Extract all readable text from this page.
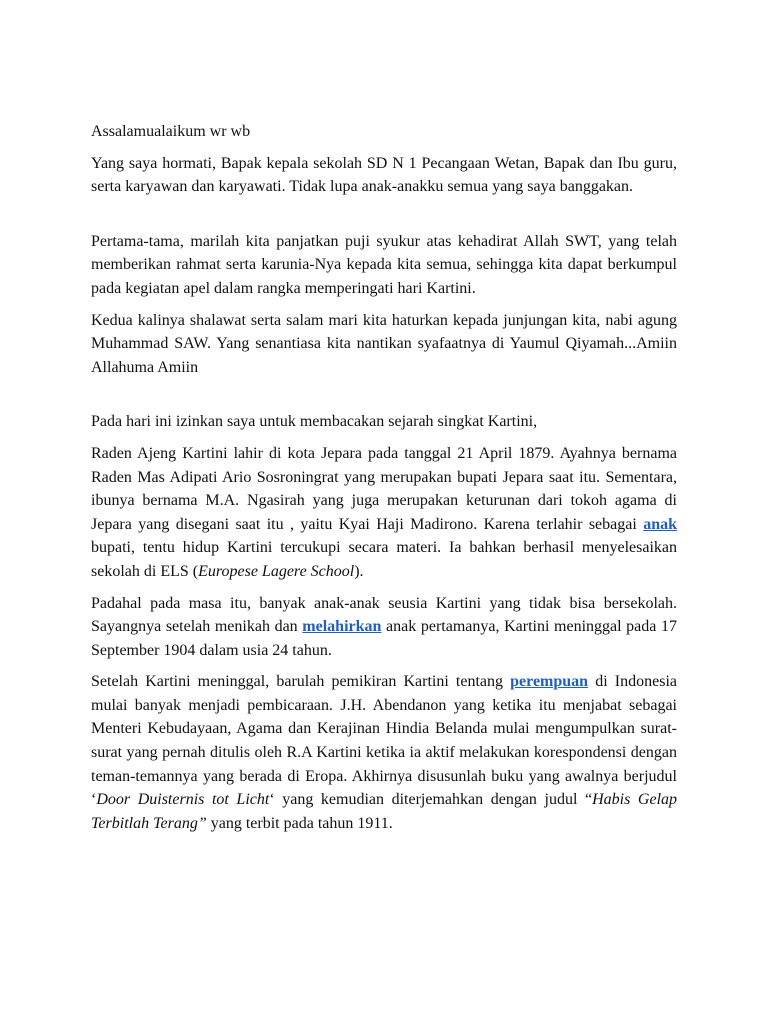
Assalamualaikum wr wb

Yang saya hormati, Bapak kepala sekolah SD N 1 Pecangaan Wetan, Bapak dan Ibu guru, serta karyawan dan karyawati. Tidak lupa anak-anakku semua yang saya banggakan.

Pertama-tama, marilah kita panjatkan puji syukur atas kehadirat Allah SWT, yang telah memberikan rahmat serta karunia-Nya kepada kita semua, sehingga kita dapat berkumpul pada kegiatan apel dalam rangka memperingati hari Kartini.

Kedua kalinya shalawat serta salam mari kita haturkan kepada junjungan kita, nabi agung Muhammad SAW. Yang senantiasa kita nantikan syafaatnya di Yaumul Qiyamah...Amiin Allahuma Amiin

Pada hari ini izinkan saya untuk membacakan sejarah singkat Kartini,

Raden Ajeng Kartini lahir di kota Jepara pada tanggal 21 April 1879. Ayahnya bernama Raden Mas Adipati Ario Sosroningrat yang merupakan bupati Jepara saat itu. Sementara, ibunya bernama M.A. Ngasirah yang juga merupakan keturunan dari tokoh agama di Jepara yang disegani saat itu , yaitu Kyai Haji Madirono. Karena terlahir sebagai anak bupati, tentu hidup Kartini tercukupi secara materi. Ia bahkan berhasil menyelesaikan sekolah di ELS (Europese Lagere School).

Padahal pada masa itu, banyak anak-anak seusia Kartini yang tidak bisa bersekolah. Sayangnya setelah menikah dan melahirkan anak pertamanya, Kartini meninggal pada 17 September 1904 dalam usia 24 tahun.

Setelah Kartini meninggal, barulah pemikiran Kartini tentang perempuan di Indonesia mulai banyak menjadi pembicaraan. J.H. Abendanon yang ketika itu menjabat sebagai Menteri Kebudayaan, Agama dan Kerajinan Hindia Belanda mulai mengumpulkan surat-surat yang pernah ditulis oleh R.A Kartini ketika ia aktif melakukan korespondensi dengan teman-temannya yang berada di Eropa. Akhirnya disusunlah buku yang awalnya berjudul ‘Door Duisternis tot Licht‘ yang kemudian diterjemahkan dengan judul “Habis Gelap Terbitlah Terang” yang terbit pada tahun 1911.
